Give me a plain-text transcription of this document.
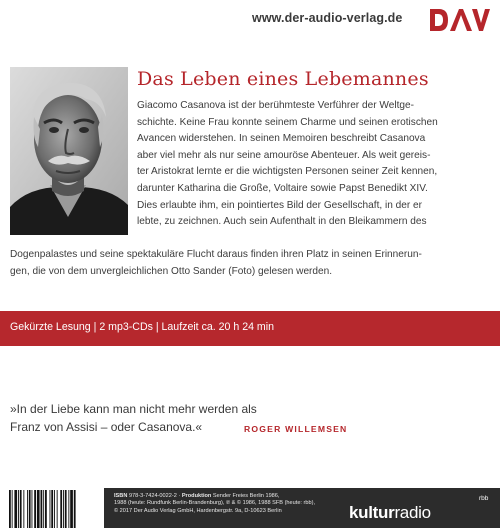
www.der-audio-verlag.de
Das Leben eines Lebemannes
Giacomo Casanova ist der berühmteste Verführer der Weltge-
schichte. Keine Frau konnte seinem Charme und seinen erotischen
Avancen widerstehen. In seinen Memoiren beschreibt Casanova
aber viel mehr als nur seine amouröse Abenteuer. Als weit gereis-
ter Aristokrat lernte er die wichtigsten Personen seiner Zeit kennen,
darunter Katharina die Große, Voltaire sowie Papst Benedikt XIV.
Dies erlaubte ihm, ein pointiertes Bild der Gesellschaft, in der er
lebte, zu zeichnen. Auch sein Aufenthalt in den Bleikammern des
Dogenpalastes und seine spektakuläre Flucht daraus finden ihren Platz in seinen Erinnerun-
gen, die von dem unvergleichlichen Otto Sander (Foto) gelesen werden.
Gekürzte Lesung | 2 mp3-CDs | Laufzeit ca. 20 h 24 min
»In der Liebe kann man nicht mehr werden als
Franz von Assisi – oder Casanova.«	ROGER WILLEMSEN
ISBN 978-3-7424-0022-2 · Produktion Sender Freies Berlin 1986,
1988 (heute: Rundfunk Berlin-Brandenburg), ℗ & © 1986, 1988 SFB (heute: rbb),
© 2017 Der Audio Verlag GmbH, Hardenbergstr. 9a, D-10623 Berlin	kulturradio
rbb
